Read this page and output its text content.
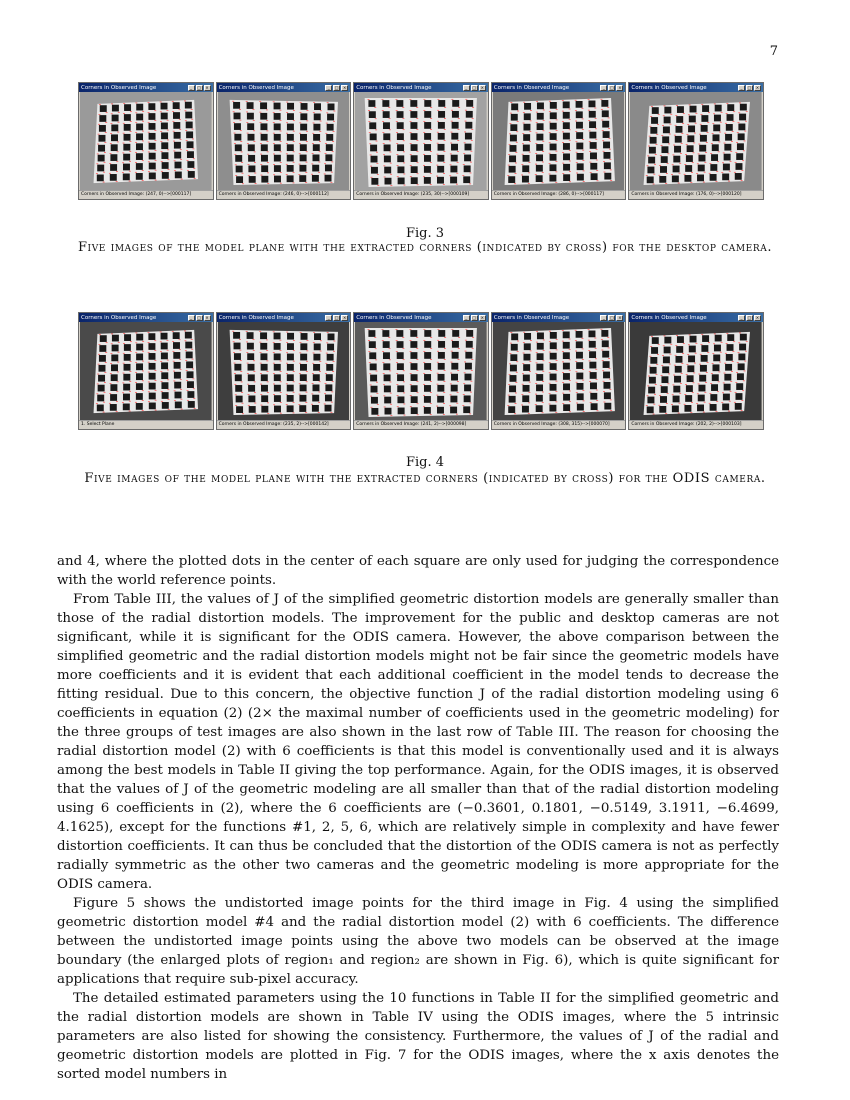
7
Corners in Observed Image	_	□	×
Corners in Observed Image: (247, 0)-->[000117]
Corners in Observed Image	_	□	×
Corners in Observed Image: (246, 0)-->[000112]
Corners in Observed Image	_	□	×
Corners in Observed Image: (235, 30)-->[000109]
Corners in Observed Image	_	□	×
Corners in Observed Image: (286, 0)-->[000117]
Corners in Observed Image	_	□	×
Corners in Observed Image: (176, 0)-->[000120]
Fig. 3
Five images of the model plane with the extracted corners (indicated by cross) for the desktop camera.
Corners in Observed Image	_	□	×
1. Select Plane
Corners in Observed Image	_	□	×
Corners in Observed Image: (235, 2)-->[000142]
Corners in Observed Image	_	□	×
Corners in Observed Image: (241, 2)-->[000098]
Corners in Observed Image	_	□	×
Corners in Observed Image: (308, 315)-->[000070]
Corners in Observed Image	_	□	×
Corners in Observed Image: (202, 2)-->[000103]
Fig. 4
Five images of the model plane with the extracted corners (indicated by cross) for the ODIS camera.

and 4, where the plotted dots in the center of each square are only used for judging the correspondence with the world reference points.

From Table III, the values of J of the simplified geometric distortion models are generally smaller than those of the radial distortion models. The improvement for the public and desktop cameras are not significant, while it is significant for the ODIS camera. However, the above comparison between the simplified geometric and the radial distortion models might not be fair since the geometric models have more coefficients and it is evident that each additional coefficient in the model tends to decrease the fitting residual. Due to this concern, the objective function J of the radial distortion modeling using 6 coefficients in equation (2) (2× the maximal number of coefficients used in the geometric modeling) for the three groups of test images are also shown in the last row of Table III. The reason for choosing the radial distortion model (2) with 6 coefficients is that this model is conventionally used and it is always among the best models in Table II giving the top performance. Again, for the ODIS images, it is observed that the values of J of the geometric modeling are all smaller than that of the radial distortion modeling using 6 coefficients in (2), where the 6 coefficients are (−0.3601, 0.1801, −0.5149, 3.1911, −6.4699, 4.1625), except for the functions #1, 2, 5, 6, which are relatively simple in complexity and have fewer distortion coefficients. It can thus be concluded that the distortion of the ODIS camera is not as perfectly radially symmetric as the other two cameras and the geometric modeling is more appropriate for the ODIS camera.

Figure 5 shows the undistorted image points for the third image in Fig. 4 using the simplified geometric distortion model #4 and the radial distortion model (2) with 6 coefficients. The difference between the undistorted image points using the above two models can be observed at the image boundary (the enlarged plots of region₁ and region₂ are shown in Fig. 6), which is quite significant for applications that require sub-pixel accuracy.

The detailed estimated parameters using the 10 functions in Table II for the simplified geometric and the radial distortion models are shown in Table IV using the ODIS images, where the 5 intrinsic parameters are also listed for showing the consistency. Furthermore, the values of J of the radial and geometric distortion models are plotted in Fig. 7 for the ODIS images, where the x axis denotes the sorted model numbers in
